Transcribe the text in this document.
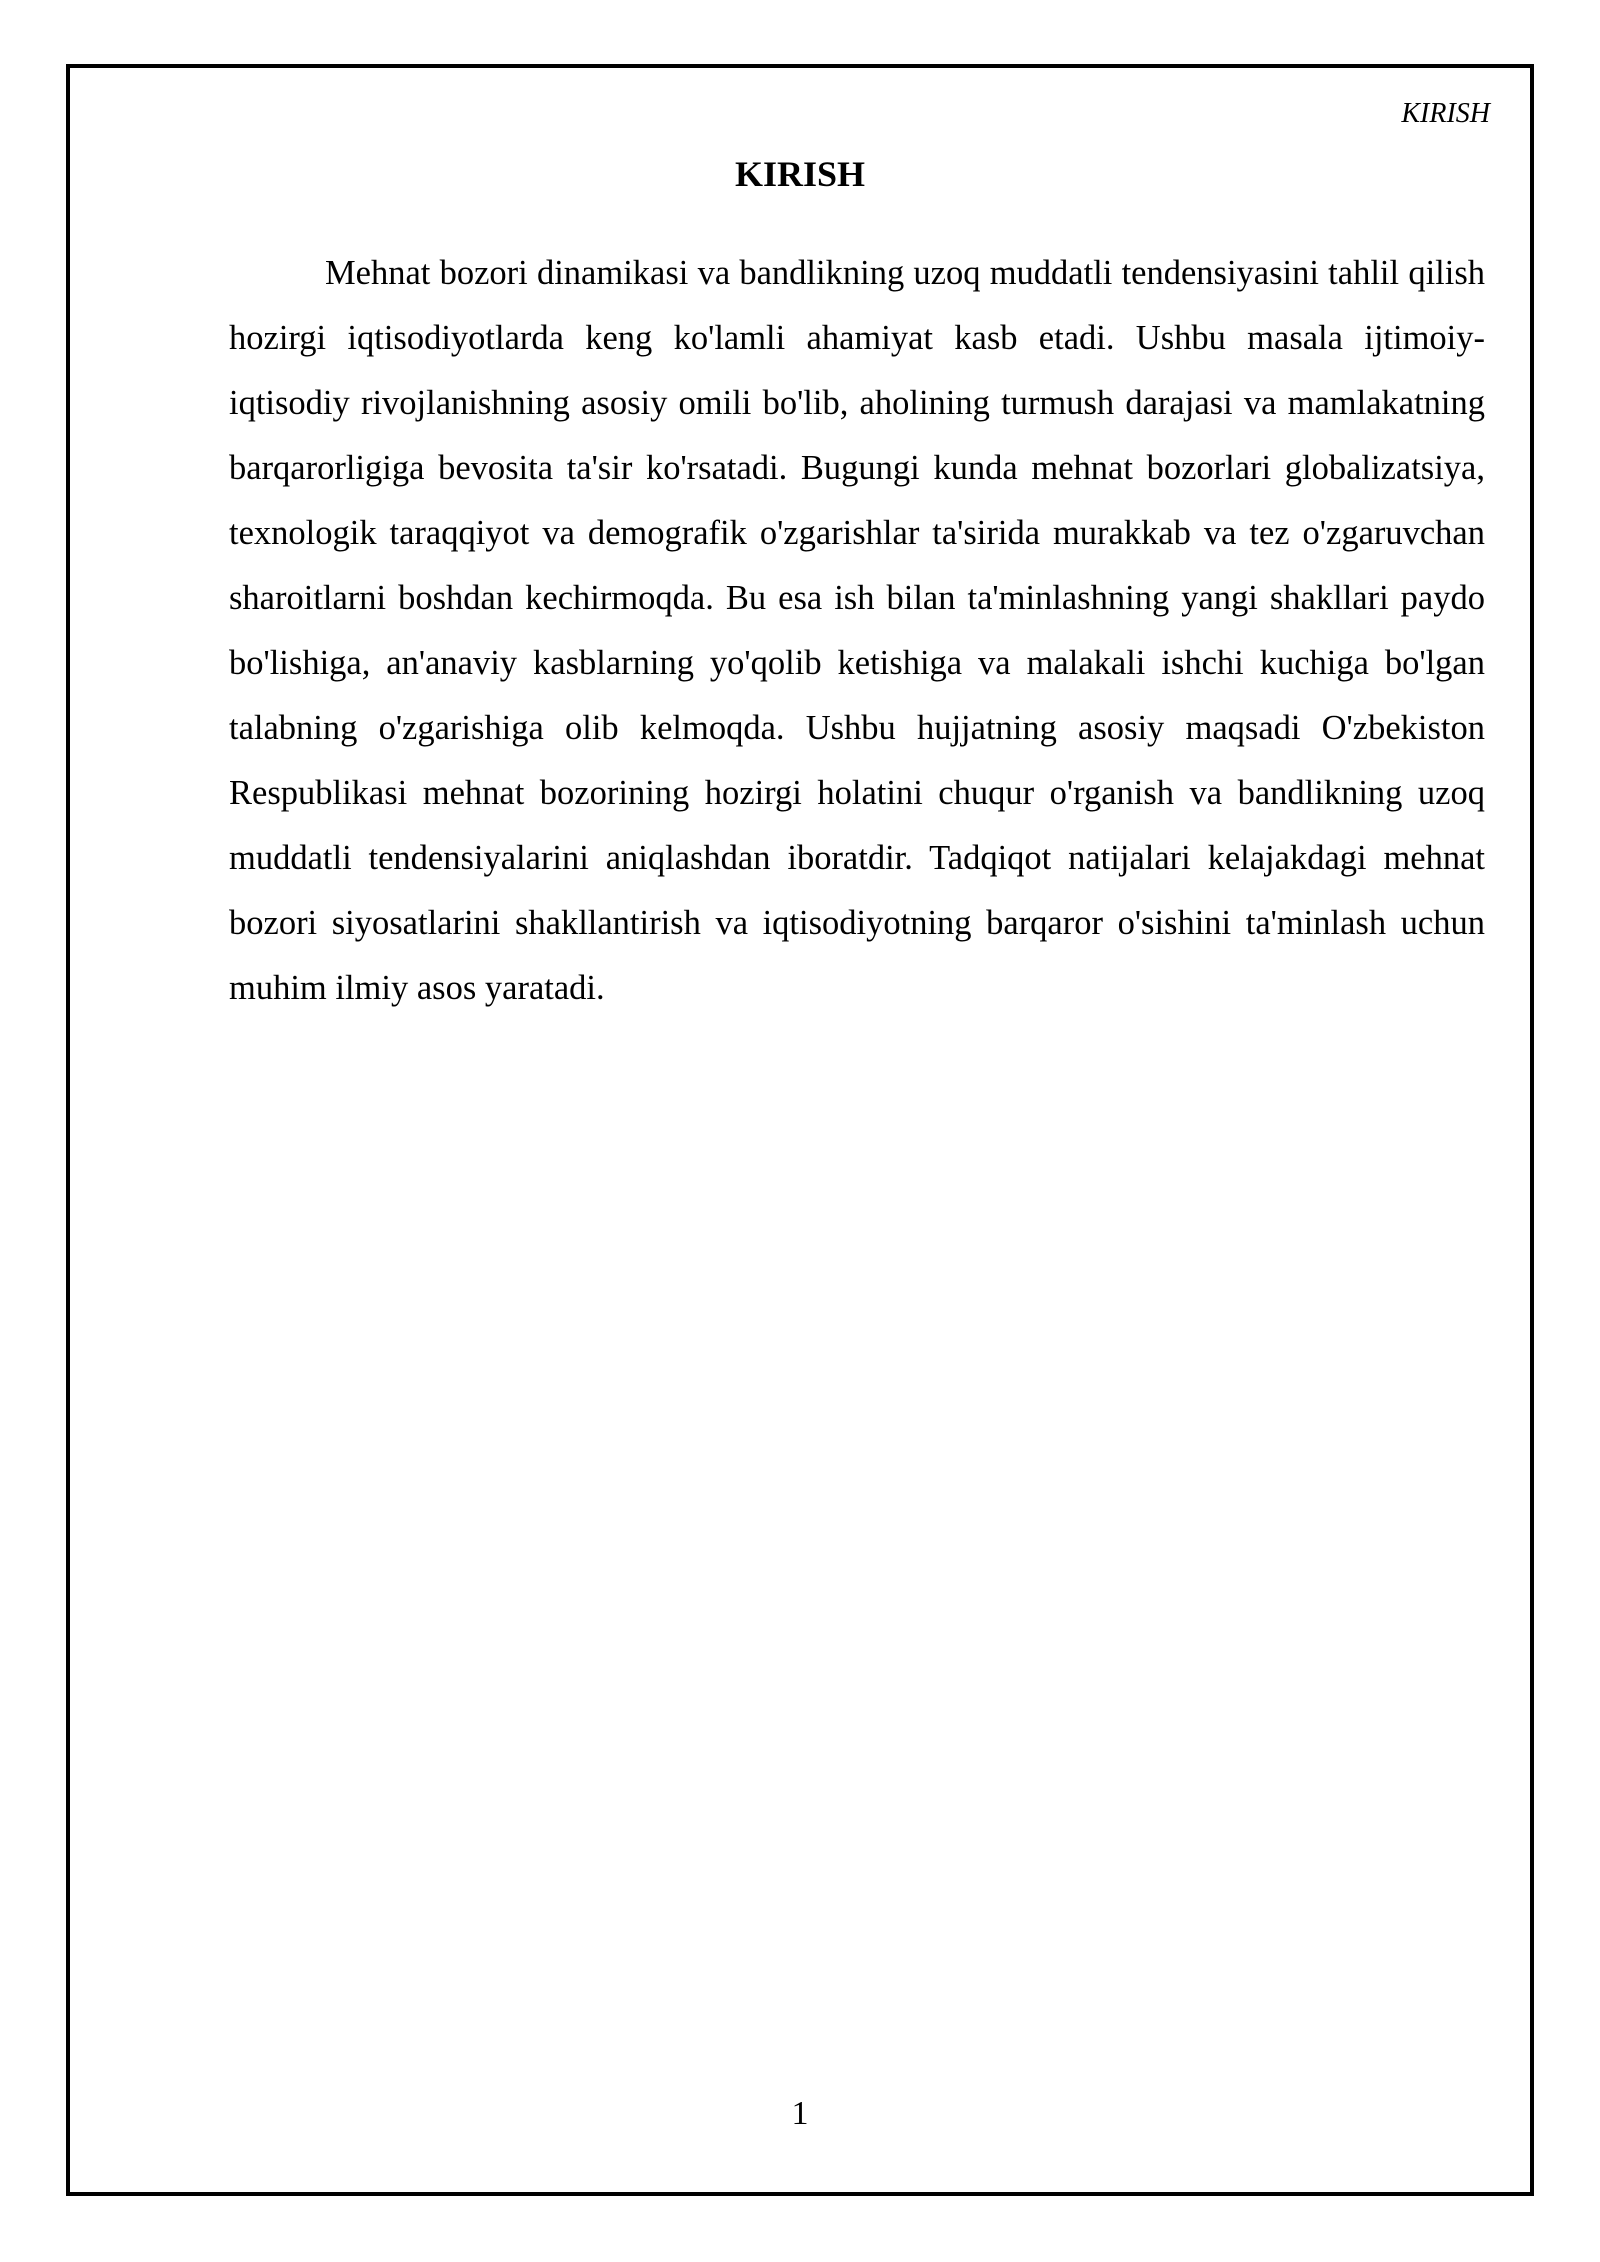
KIRISH
KIRISH

Mehnat bozori dinamikasi va bandlikning uzoq muddatli tendensiyasini tahlil qilish hozirgi iqtisodiyotlarda keng ko'lamli ahamiyat kasb etadi. Ushbu masala ijtimoiy-iqtisodiy rivojlanishning asosiy omili bo'lib, aholining turmush darajasi va mamlakatning barqarorligiga bevosita ta'sir ko'rsatadi. Bugungi kunda mehnat bozorlari globalizatsiya, texnologik taraqqiyot va demografik o'zgarishlar ta'sirida murakkab va tez o'zgaruvchan sharoitlarni boshdan kechirmoqda. Bu esa ish bilan ta'minlashning yangi shakllari paydo bo'lishiga, an'anaviy kasblarning yo'qolib ketishiga va malakali ishchi kuchiga bo'lgan talabning o'zgarishiga olib kelmoqda. Ushbu hujjatning asosiy maqsadi O'zbekiston Respublikasi mehnat bozorining hozirgi holatini chuqur o'rganish va bandlikning uzoq muddatli tendensiyalarini aniqlashdan iboratdir. Tadqiqot natijalari kelajakdagi mehnat bozori siyosatlarini shakllantirish va iqtisodiyotning barqaror o'sishini ta'minlash uchun muhim ilmiy asos yaratadi.

1
